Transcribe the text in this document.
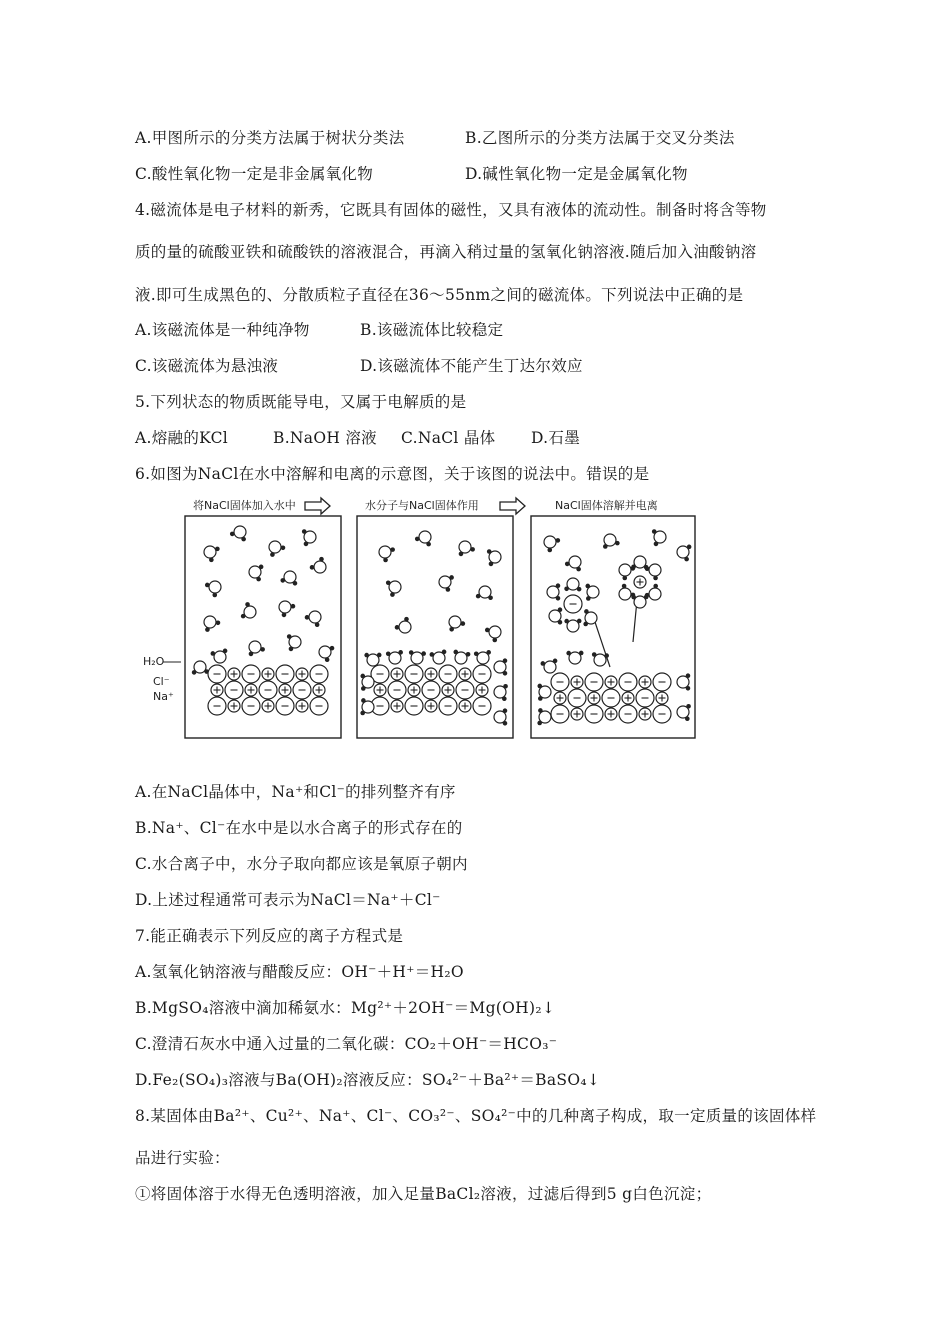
A.甲图所示的分类方法属于树状分类法	B.乙图所示的分类方法属于交叉分类法
C.酸性氧化物一定是非金属氧化物	D.碱性氧化物一定是金属氧化物
4.磁流体是电子材料的新秀，它既具有固体的磁性，又具有液体的流动性。制备时将含等物
质的量的硫酸亚铁和硫酸铁的溶液混合，再滴入稍过量的氢氧化钠溶液.随后加入油酸钠溶
液.即可生成黑色的、分散质粒子直径在36～55nm之间的磁流体。下列说法中正确的是
A.该磁流体是一种纯净物	B.该磁流体比较稳定
C.该磁流体为悬浊液	D.该磁流体不能产生丁达尔效应
5.下列状态的物质既能导电，又属于电解质的是
A.熔融的KCl	B.NaOH 溶液 C.NaCl 晶体 D.石墨
6.如图为NaCl在水中溶解和电离的示意图，关于该图的说法中。错误的是
将NaCl固体加入水中	水分子与NaCl固体作用	NaCl固体溶解并电离
H₂O
Cl⁻
Na⁺
A.在NaCl晶体中，Na⁺和Cl⁻的排列整齐有序
B.Na⁺、Cl⁻在水中是以水合离子的形式存在的
C.水合离子中，水分子取向都应该是氧原子朝内
D.上述过程通常可表示为NaCl＝Na⁺＋Cl⁻
7.能正确表示下列反应的离子方程式是
A.氢氧化钠溶液与醋酸反应：OH⁻＋H⁺＝H₂O
B.MgSO₄溶液中滴加稀氨水：Mg²⁺＋2OH⁻＝Mg(OH)₂↓
C.澄清石灰水中通入过量的二氧化碳：CO₂＋OH⁻＝HCO₃⁻
D.Fe₂(SO₄)₃溶液与Ba(OH)₂溶液反应：SO₄²⁻＋Ba²⁺＝BaSO₄↓
8.某固体由Ba²⁺、Cu²⁺、Na⁺、Cl⁻、CO₃²⁻、SO₄²⁻中的几种离子构成，取一定质量的该固体样
品进行实验：
①将固体溶于水得无色透明溶液，加入足量BaCl₂溶液，过滤后得到5 g白色沉淀；
